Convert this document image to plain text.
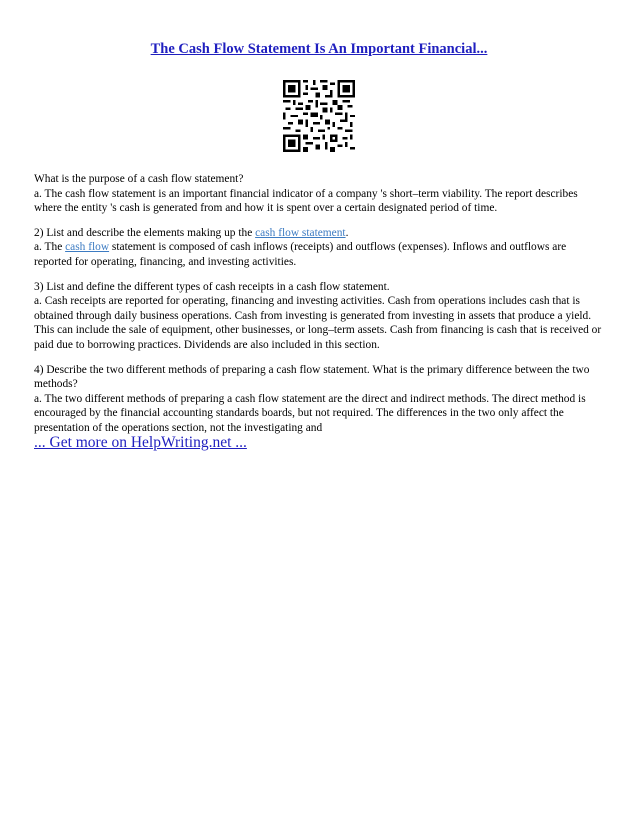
The Cash Flow Statement Is An Important Financial...

What is the purpose of a cash flow statement?
a. The cash flow statement is an important financial indicator of a company 's short–term viability. The report describes where the entity 's cash is generated from and how it is spent over a certain designated period of time.

2) List and describe the elements making up the cash flow statement.
a. The cash flow statement is composed of cash inflows (receipts) and outflows (expenses). Inflows and outflows are reported for operating, financing, and investing activities.

3) List and define the different types of cash receipts in a cash flow statement.
a. Cash receipts are reported for operating, financing and investing activities. Cash from operations includes cash that is obtained through daily business operations. Cash from investing is generated from investing in assets that produce a yield. This can include the sale of equipment, other businesses, or long–term assets. Cash from financing is cash that is received or paid due to borrowing practices. Dividends are also included in this section.

4) Describe the two different methods of preparing a cash flow statement. What is the primary difference between the two methods?
a. The two different methods of preparing a cash flow statement are the direct and indirect methods. The direct method is encouraged by the financial accounting standards boards, but not required. The differences in the two only affect the presentation of the operations section, not the investigating and

... Get more on HelpWriting.net ...
